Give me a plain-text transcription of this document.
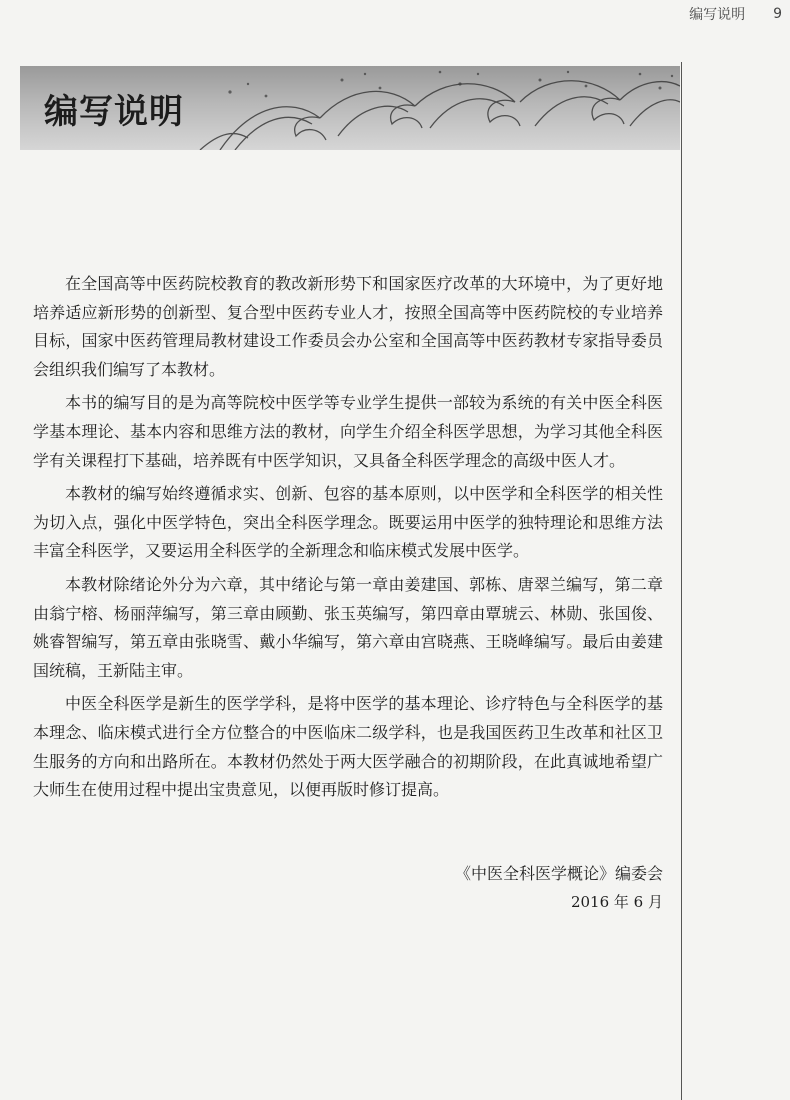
编写说明 9
编写说明

在全国高等中医药院校教育的教改新形势下和国家医疗改革的大环境中，为了更好地培养适应新形势的创新型、复合型中医药专业人才，按照全国高等中医药院校的专业培养目标，国家中医药管理局教材建设工作委员会办公室和全国高等中医药教材专家指导委员会组织我们编写了本教材。

本书的编写目的是为高等院校中医学等专业学生提供一部较为系统的有关中医全科医学基本理论、基本内容和思维方法的教材，向学生介绍全科医学思想，为学习其他全科医学有关课程打下基础，培养既有中医学知识，又具备全科医学理念的高级中医人才。

本教材的编写始终遵循求实、创新、包容的基本原则，以中医学和全科医学的相关性为切入点，强化中医学特色，突出全科医学理念。既要运用中医学的独特理论和思维方法丰富全科医学，又要运用全科医学的全新理念和临床模式发展中医学。

本教材除绪论外分为六章，其中绪论与第一章由姜建国、郭栋、唐翠兰编写，第二章由翁宁榕、杨丽萍编写，第三章由顾勤、张玉英编写，第四章由覃琥云、林勋、张国俊、姚睿智编写，第五章由张晓雪、戴小华编写，第六章由宫晓燕、王晓峰编写。最后由姜建国统稿，王新陆主审。

中医全科医学是新生的医学学科，是将中医学的基本理论、诊疗特色与全科医学的基本理念、临床模式进行全方位整合的中医临床二级学科，也是我国医药卫生改革和社区卫生服务的方向和出路所在。本教材仍然处于两大医学融合的初期阶段，在此真诚地希望广大师生在使用过程中提出宝贵意见，以便再版时修订提高。

《中医全科医学概论》编委会
2016 年 6 月
